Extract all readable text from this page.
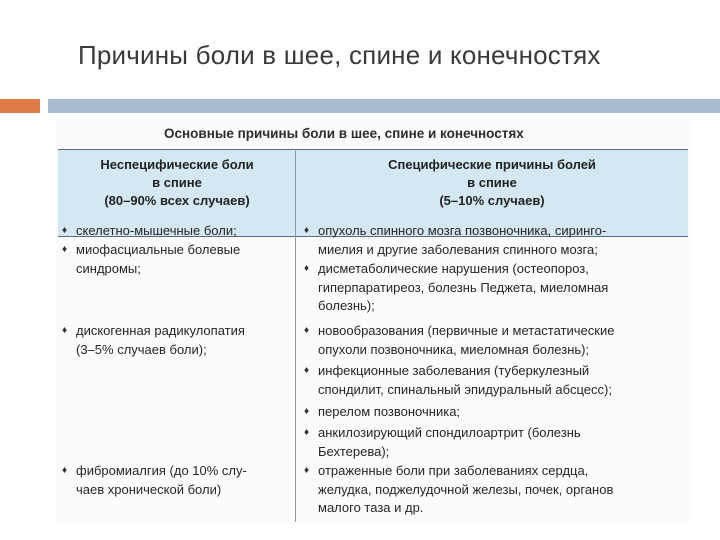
Причины боли в шее, спине и конечностях
Основные причины боли в шее, спине и конечностях
Неспецифические боли
в спине
(80–90% всех случаев)
Специфические причины болей
в спине
(5–10% случаев)
♦ скелетно-мышечные боли;
♦ миофасциальные болевые
синдромы;
♦ дискогенная радикулопатия
(3–5% случаев боли);
♦ фибромиалгия (до 10% слу-
чаев хронической боли)
♦ опухоль спинного мозга позвоночника, сиринго-
миелия и другие заболевания спинного мозга;
♦ дисметаболические нарушения (остеопороз,
гиперпаратиреоз, болезнь Педжета, миеломная
болезнь);
♦ новообразования (первичные и метастатические
опухоли позвоночника, миеломная болезнь);
♦ инфекционные заболевания (туберкулезный
спондилит, спинальный эпидуральный абсцесс);
♦ перелом позвоночника;
♦ анкилозирующий спондилоартрит (болезнь
Бехтерева);
♦ отраженные боли при заболеваниях сердца,
желудка, поджелудочной железы, почек, органов
малого таза и др.
